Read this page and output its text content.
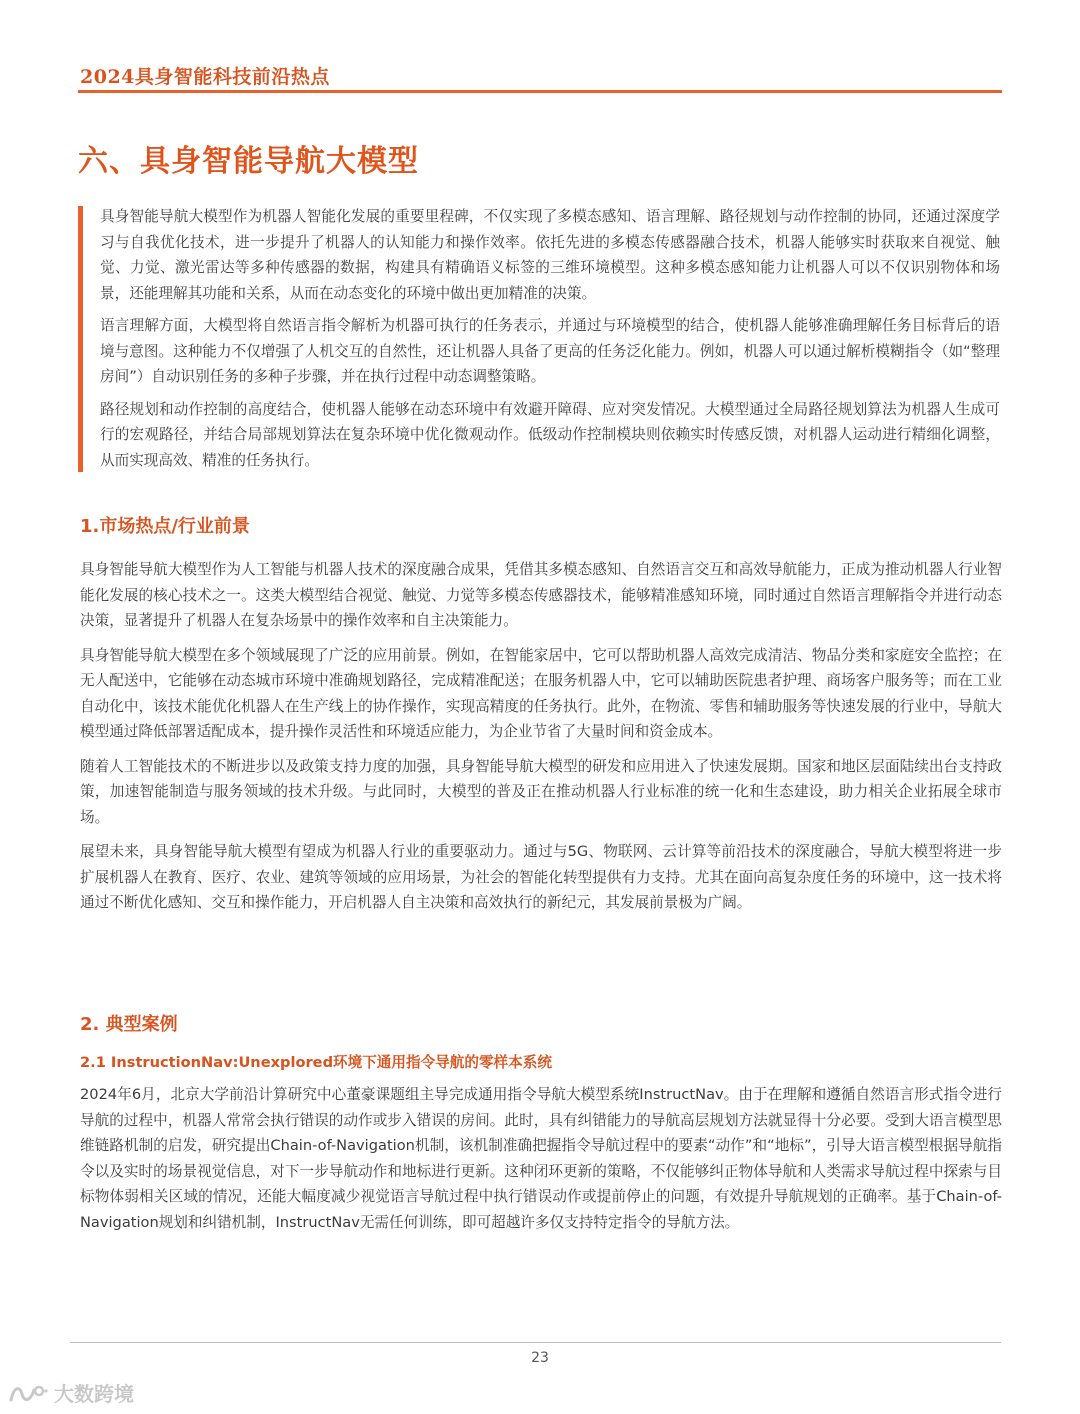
2024具身智能科技前沿热点
六、具身智能导航大模型

具身智能导航大模型作为机器人智能化发展的重要里程碑，不仅实现了多模态感知、语言理解、路径规划与动作控制的协同，还通过深度学习与自我优化技术，进一步提升了机器人的认知能力和操作效率。依托先进的多模态传感器融合技术，机器人能够实时获取来自视觉、触觉、力觉、激光雷达等多种传感器的数据，构建具有精确语义标签的三维环境模型。这种多模态感知能力让机器人可以不仅识别物体和场景，还能理解其功能和关系，从而在动态变化的环境中做出更加精准的决策。

语言理解方面，大模型将自然语言指令解析为机器可执行的任务表示，并通过与环境模型的结合，使机器人能够准确理解任务目标背后的语境与意图。这种能力不仅增强了人机交互的自然性，还让机器人具备了更高的任务泛化能力。例如，机器人可以通过解析模糊指令（如“整理房间”）自动识别任务的多种子步骤，并在执行过程中动态调整策略。

路径规划和动作控制的高度结合，使机器人能够在动态环境中有效避开障碍、应对突发情况。大模型通过全局路径规划算法为机器人生成可行的宏观路径，并结合局部规划算法在复杂环境中优化微观动作。低级动作控制模块则依赖实时传感反馈，对机器人运动进行精细化调整，从而实现高效、精准的任务执行。

1.市场热点/行业前景

具身智能导航大模型作为人工智能与机器人技术的深度融合成果，凭借其多模态感知、自然语言交互和高效导航能力，正成为推动机器人行业智能化发展的核心技术之一。这类大模型结合视觉、触觉、力觉等多模态传感器技术，能够精准感知环境，同时通过自然语言理解指令并进行动态决策，显著提升了机器人在复杂场景中的操作效率和自主决策能力。

具身智能导航大模型在多个领域展现了广泛的应用前景。例如，在智能家居中，它可以帮助机器人高效完成清洁、物品分类和家庭安全监控；在无人配送中，它能够在动态城市环境中准确规划路径，完成精准配送；在服务机器人中，它可以辅助医院患者护理、商场客户服务等；而在工业自动化中，该技术能优化机器人在生产线上的协作操作，实现高精度的任务执行。此外，在物流、零售和辅助服务等快速发展的行业中，导航大模型通过降低部署适配成本，提升操作灵活性和环境适应能力，为企业节省了大量时间和资金成本。

随着人工智能技术的不断进步以及政策支持力度的加强，具身智能导航大模型的研发和应用进入了快速发展期。国家和地区层面陆续出台支持政策，加速智能制造与服务领域的技术升级。与此同时，大模型的普及正在推动机器人行业标准的统一化和生态建设，助力相关企业拓展全球市场。

展望未来，具身智能导航大模型有望成为机器人行业的重要驱动力。通过与5G、物联网、云计算等前沿技术的深度融合，导航大模型将进一步扩展机器人在教育、医疗、农业、建筑等领域的应用场景，为社会的智能化转型提供有力支持。尤其在面向高复杂度任务的环境中，这一技术将通过不断优化感知、交互和操作能力，开启机器人自主决策和高效执行的新纪元，其发展前景极为广阔。

2. 典型案例
2.1 InstructionNav:Unexplored环境下通用指令导航的零样本系统

2024年6月，北京大学前沿计算研究中心董豪课题组主导完成通用指令导航大模型系统InstructNav。由于在理解和遵循自然语言形式指令进行导航的过程中，机器人常常会执行错误的动作或步入错误的房间。此时，具有纠错能力的导航高层规划方法就显得十分必要。受到大语言模型思维链路机制的启发，研究提出Chain-of-Navigation机制，该机制准确把握指令导航过程中的要素“动作”和“地标”，引导大语言模型根据导航指令以及实时的场景视觉信息，对下一步导航动作和地标进行更新。这种闭环更新的策略，不仅能够纠正物体导航和人类需求导航过程中探索与目标物体弱相关区域的情况，还能大幅度减少视觉语言导航过程中执行错误动作或提前停止的问题，有效提升导航规划的正确率。基于Chain-of-Navigation规划和纠错机制，InstructNav无需任何训练，即可超越许多仅支持特定指令的导航方法。

23
大数跨境
